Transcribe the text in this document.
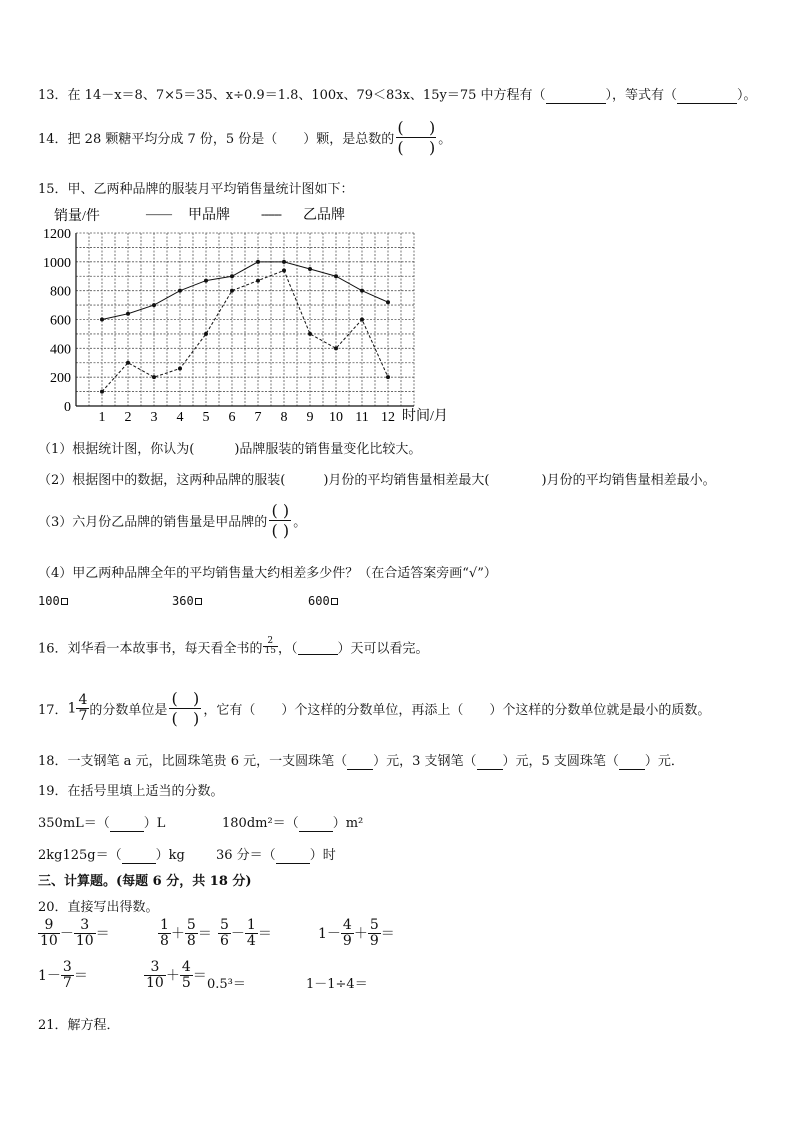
13．在 14－x＝8、7×5＝35、x÷0.9＝1.8、100x、79＜83x、15y＝75 中方程有（	），等式有（	）。
14．把 28 颗糖平均分成 7 份，5 份是（　　）颗，是总数的 $\frac{( )}{( )}$ 。
15．甲、乙两种品牌的服装月平均销售量统计图如下：
0
200
400
600
800
1000
1200
1 2 3 4 5 6 7 8 9 10 11 12
销量/件	—— 甲品牌 ------ 乙品牌
时间/月
（1）根据统计图，你认为(	)品牌服装的销售量变化比较大。
（2）根据图中的数据，这两种品牌的服装(	)月份的平均销售量相差最大(	)月份的平均销售量相差最小。
（3）六月份乙品牌的销售量是甲品牌的 $\frac{( )}{( )}$ 。
（4）甲乙两种品牌全年的平均销售量大约相差多少件？（在合适答案旁画“√”）
100	360	600
16．刘华看一本故事书，每天看全书的 $\frac{2}{15}$ ，（	）天可以看完。
17．$1 \frac{4}{7}$ 的分数单位是 $\frac{( )}{( )}$ ，它有（　　）个这样的分数单位，再添上（　　）个这样的分数单位就是最小的质数。
18．一支钢笔 a 元，比圆珠笔贵 6 元，一支圆珠笔（ ）元，3 支钢笔（ ）元，5 支圆珠笔（ ）元．
19．在括号里填上适当的分数。
350mL＝（	）L	180dm²＝（	）m²
2kg125g＝（	）kg 36 分＝（	）时
三、计算题。(每题 6 分，共 18 分)
20．直接写出得数。
$\frac{9}{10} - \frac{3}{10}$ ＝	$\frac{1}{8} + \frac{5}{8} = \frac{5}{6} - \frac{1}{4}$ ＝	$1- \frac{4}{9} + \frac{5}{9}$ ＝
$1- \frac{3}{7}$ ＝	$\frac{3}{10} + \frac{4}{5}$ ＝
0.5³＝	1－1÷4＝
21．解方程．
